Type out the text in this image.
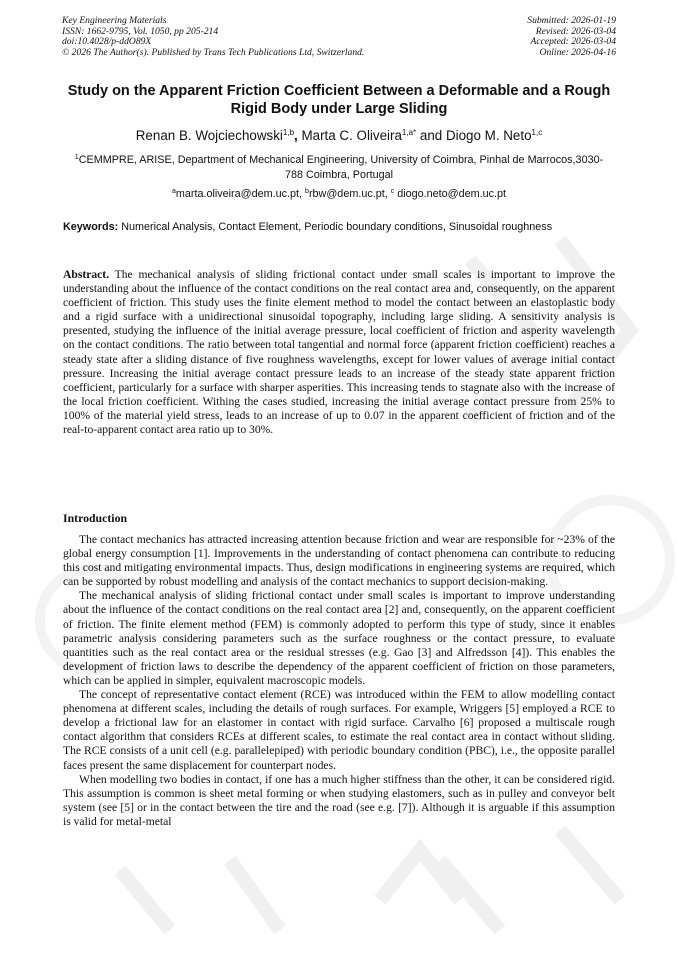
Key Engineering Materials
ISSN: 1662-9795, Vol. 1050, pp 205-214
doi:10.4028/p-ddO89X
© 2026 The Author(s). Published by Trans Tech Publications Ltd, Switzerland.
Submitted: 2026-01-19
Revised: 2026-03-04
Accepted: 2026-03-04
Online: 2026-04-16
Study on the Apparent Friction Coefficient Between a Deformable and a Rough Rigid Body under Large Sliding
Renan B. Wojciechowski$^{1,b}$, Marta C. Oliveira$^{1,a*}$ and Diogo M. Neto$^{1,c}$
$^1$CEMMPRE, ARISE, Department of Mechanical Engineering, University of Coimbra, Pinhal de Marrocos,3030-788 Coimbra, Portugal
$^a$marta.oliveira@dem.uc.pt, $^b$rbw@dem.uc.pt, $^c$ diogo.neto@dem.uc.pt
Keywords: Numerical Analysis, Contact Element, Periodic boundary conditions, Sinusoidal roughness

Abstract. The mechanical analysis of sliding frictional contact under small scales is important to improve the understanding about the influence of the contact conditions on the real contact area and, consequently, on the apparent coefficient of friction. This study uses the finite element method to model the contact between an elastoplastic body and a rigid surface with a unidirectional sinusoidal topography, including large sliding. A sensitivity analysis is presented, studying the influence of the initial average pressure, local coefficient of friction and asperity wavelength on the contact conditions. The ratio between total tangential and normal force (apparent friction coefficient) reaches a steady state after a sliding distance of five roughness wavelengths, except for lower values of average initial contact pressure. Increasing the initial average contact pressure leads to an increase of the steady state apparent friction coefficient, particularly for a surface with sharper asperities. This increasing tends to stagnate also with the increase of the local friction coefficient. Withing the cases studied, increasing the initial average contact pressure from 25% to 100% of the material yield stress, leads to an increase of up to 0.07 in the apparent coefficient of friction and of the real-to-apparent contact area ratio up to 30%.

Introduction

The contact mechanics has attracted increasing attention because friction and wear are responsible for ~23% of the global energy consumption [1]. Improvements in the understanding of contact phenomena can contribute to reducing this cost and mitigating environmental impacts. Thus, design modifications in engineering systems are required, which can be supported by robust modelling and analysis of the contact mechanics to support decision-making.

The mechanical analysis of sliding frictional contact under small scales is important to improve understanding about the influence of the contact conditions on the real contact area [2] and, consequently, on the apparent coefficient of friction. The finite element method (FEM) is commonly adopted to perform this type of study, since it enables parametric analysis considering parameters such as the surface roughness or the contact pressure, to evaluate quantities such as the real contact area or the residual stresses (e.g. Gao [3] and Alfredsson [4]). This enables the development of friction laws to describe the dependency of the apparent coefficient of friction on those parameters, which can be applied in simpler, equivalent macroscopic models.

The concept of representative contact element (RCE) was introduced within the FEM to allow modelling contact phenomena at different scales, including the details of rough surfaces. For example, Wriggers [5] employed a RCE to develop a frictional law for an elastomer in contact with rigid surface. Carvalho [6] proposed a multiscale rough contact algorithm that considers RCEs at different scales, to estimate the real contact area in contact without sliding. The RCE consists of a unit cell (e.g. parallelepiped) with periodic boundary condition (PBC), i.e., the opposite parallel faces present the same displacement for counterpart nodes.

When modelling two bodies in contact, if one has a much higher stiffness than the other, it can be considered rigid. This assumption is common is sheet metal forming or when studying elastomers, such as in pulley and conveyor belt system (see [5] or in the contact between the tire and the road (see e.g. [7]). Although it is arguable if this assumption is valid for metal-metal
